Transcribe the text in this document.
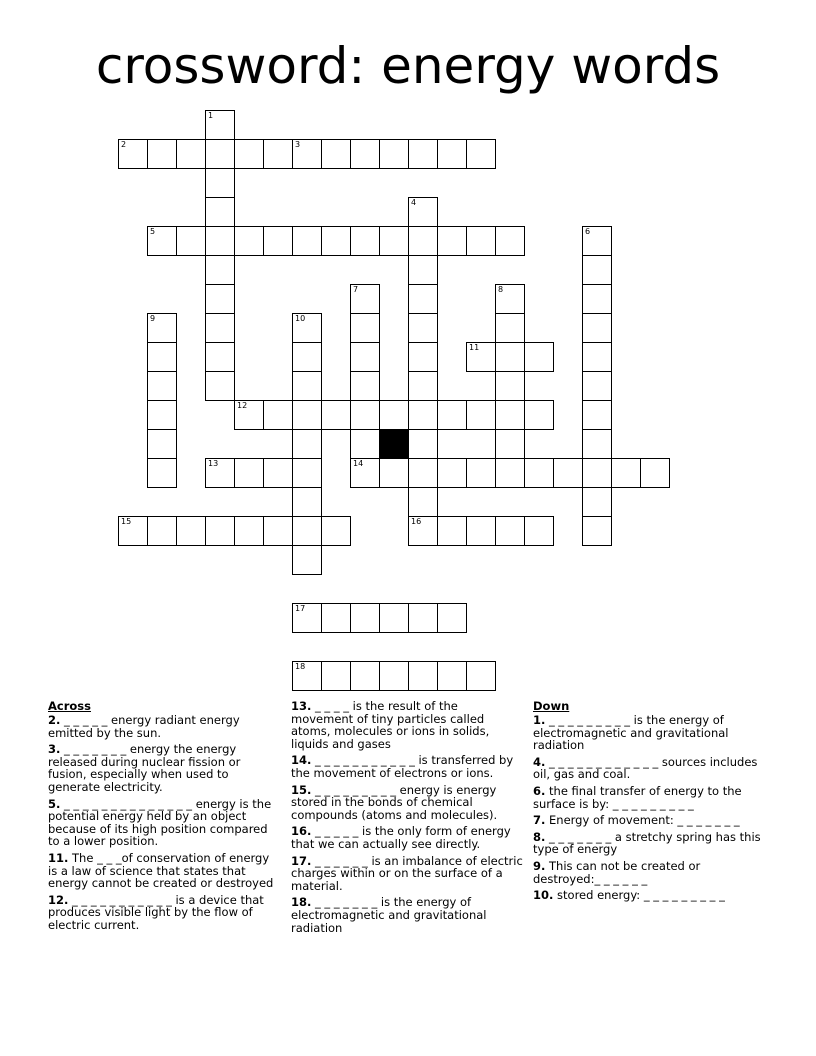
crossword: energy words
1
2	3
4
5	6
7	8
9	10
11
12
13	14
15	16
17
18
Across
2. _ _ _ _ _ energy radiant energy emitted by the sun.
3. _ _ _ _ _ _ _ energy the energy released during nuclear fission or fusion, especially when used to generate electricity.
5. _ _ _ _ _ _ _ _ _ _ _ _ _ _ energy is the potential energy held by an object because of its high position compared to a lower position.
11. The _ _ _of conservation of energy is a law of science that states that energy cannot be created or destroyed
12. _ _ _ _ _ _ _ _ _ _ _ is a device that produces visible light by the flow of electric current.
13. _ _ _ _ is the result of the movement of tiny particles called atoms, molecules or ions in solids, liquids and gases
14. _ _ _ _ _ _ _ _ _ _ _ is transferred by the movement of electrons or ions.
15. _ _ _ _ _ _ _ _ _ energy is energy stored in the bonds of chemical compounds (atoms and molecules).
16. _ _ _ _ _ is the only form of energy that we can actually see directly.
17. _ _ _ _ _ _ is an imbalance of electric charges within or on the surface of a material.
18. _ _ _ _ _ _ _ is the energy of electromagnetic and gravitational radiation
Down
1. _ _ _ _ _ _ _ _ _ is the energy of electromagnetic and gravitational radiation
4. _ _ _ _ _ _ _ _ _ _ _ _ sources includes oil, gas and coal.
6. the final transfer of energy to the surface is by: _ _ _ _ _ _ _ _ _
7. Energy of movement: _ _ _ _ _ _ _
8. _ _ _ _ _ _ _ a stretchy spring has this type of energy
9. This can not be created or destroyed:_ _ _ _ _ _
10. stored energy: _ _ _ _ _ _ _ _ _
